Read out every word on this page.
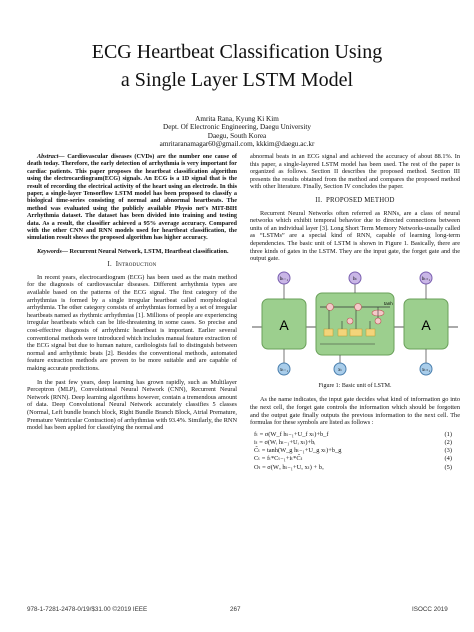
ECG Heartbeat Classification Using
a Single Layer LSTM Model
Amrita Rana, Kyung Ki Kim
Dept. Of Electronic Engineering, Daegu University
Daegu, South Korea
amritaranamagar60@gmail.com, kkkim@daegu.ac.kr

Abstract— Cardiovascular diseases (CVDs) are the number one cause of death today. Therefore, the early detection of arrhythmia is very important for cardiac patients. This paper proposes the heartbeat classification algorithm using the electrocardiogram(ECG) signals. An ECG is a 1D signal that is the result of recording the electrical activity of the heart using an electrode. In this paper, a single-layer Tensorflow LSTM model has been proposed to classify a biological time-series consisting of normal and abnormal heartbeats. The method was evaluated using the publicly available Physio net's MIT-BIH Arrhythmia dataset. The dataset has been divided into training and testing data. As a result, the classifier achieved a 95% average accuracy. Compared with the other CNN and RNN models used for heartbeat classification, the simulation result shows the proposed algorithm has higher accuracy.

Keywords— Recurrent Neural Network, LSTM, Heartbeat classification.

I. Introduction

In recent years, electrocardiogram (ECG) has been used as the main method for the diagnosis of cardiovascular diseases. Different arrhythmia types are available based on the patterns of the ECG signal. The first category of the arrhythmias is formed by a single irregular heartbeat called morphological arrhythmia. The other category consists of arrhythmias formed by a set of irregular heartbeats named as rhythmic arrhythmias [1]. Millions of people are experiencing irregular heartbeats which can be life-threatening in some cases. So precise and cost-effective diagnosis of arrhythmic heartbeat is important. Earlier several conventional methods were introduced which includes manual feature extraction of the ECG signal but due to human nature, cardiologists fail to distinguish between normal and arrhythmic beats [2]. Besides the conventional methods, automated feature extraction methods are proven to be more suitable and are capable of making accurate predictions.

In the past few years, deep learning has grown rapidly, such as Multilayer Perceptron (MLP), Convolutional Neural Network (CNN), Recurrent Neural Network (RNN). Deep learning algorithms however, contain a tremendous amount of data. Deep Convolutional Neural Network accurately classifies 5 classes (Normal, Left bundle branch block, Right Bundle Branch Block, Atrial Premature, Premature Ventricular Contraction) of arrhythmias with 93.4%. Similarly, the RNN model has been applied for classifying the normal and

abnormal beats in an ECG signal and achieved the accuracy of about 88.1%. In this paper, a single-layered LSTM model has been used. The rest of the paper is organized as follows. Section II describes the proposed method. Section III presents the results obtained from the method and compares the proposed method with other literature. Finally, Section IV concludes the paper.

II. PROPOSED METHOD

Recurrent Neural Networks often referred as RNNs, are a class of neural networks which exhibit temporal behavior due to directed connections between units of an individual layer [3]. Long Short Term Memory Networks-usually called as “LSTMs” are a special kind of RNN, capable of learning long-term dependencies. The basic unit of LSTM is shown in Figure 1. Basically, there are three kinds of gates in the LSTM. They are the input gate, the forget gate and the output gate.

A	A
tanh
hₜ₋₁	hₜ	hₜ₊₁
xₜ₋₁	xₜ	xₜ₊₁
Figure 1: Basic unit of LSTM.

As the name indicates, the input gate decides what kind of information go into the next cell, the forget gate controls the information which should be forgotten and the output gate finally outputs the previous information to the next cell. The formulas for these symbols are listed as follows :

fₜ = σ(W_f hₜ₋₁+U_f xₜ)+b_f	(1)
iₜ = σ(Wᵢ hₜ₋₁+Uᵢ xₜ)+bᵢ	(2)
C̃ₜ = tanh(W_g hₜ₋₁+U_g xₜ)+b_g	(3)
Cₜ = fₜ*Cₜ₋₁+iₜ*C̃ₜ	(4)
Oₜ = σ(Wₒ hₜ₋₁+Uₒ xₜ) + bₒ	(5)
978-1-7281-2478-0/19/$31.00 ©2019 IEEE	267	ISOCC 2019
